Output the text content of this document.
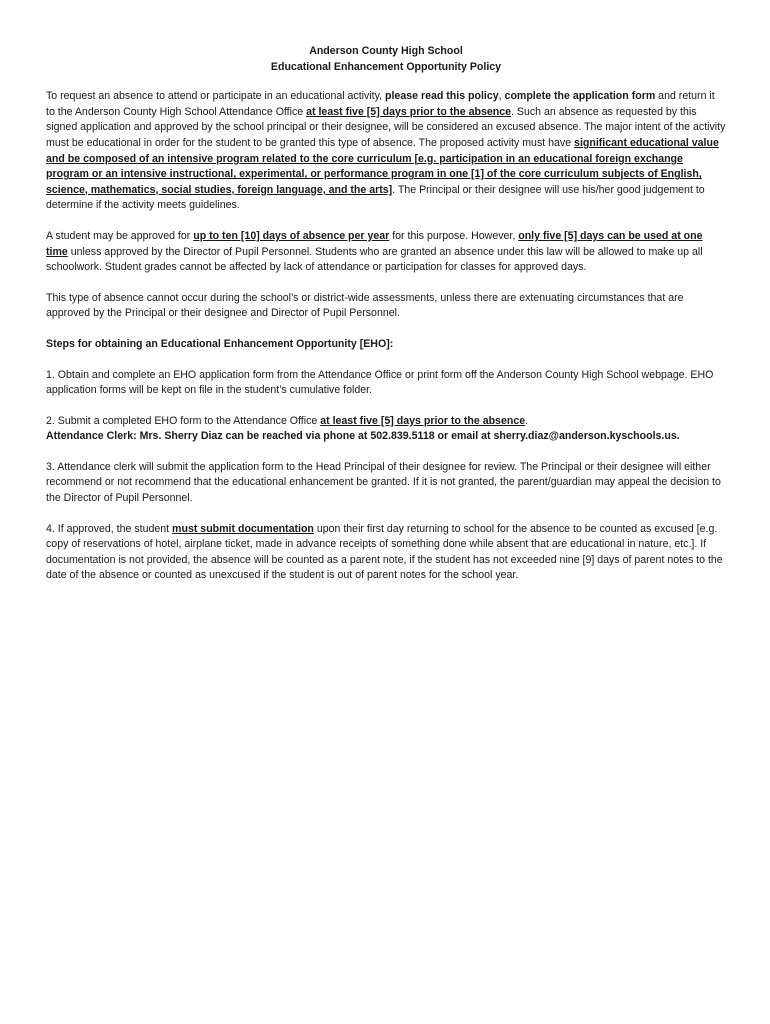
Anderson County High School
Educational Enhancement Opportunity Policy

To request an absence to attend or participate in an educational activity, please read this policy, complete the application form and return it to the Anderson County High School Attendance Office at least five [5] days prior to the absence. Such an absence as requested by this signed application and approved by the school principal or their designee, will be considered an excused absence. The major intent of the activity must be educational in order for the student to be granted this type of absence. The proposed activity must have significant educational value and be composed of an intensive program related to the core curriculum [e.g. participation in an educational foreign exchange program or an intensive instructional, experimental, or performance program in one [1] of the core curriculum subjects of English, science, mathematics, social studies, foreign language, and the arts]. The Principal or their designee will use his/her good judgement to determine if the activity meets guidelines.

A student may be approved for up to ten [10] days of absence per year for this purpose. However, only five [5] days can be used at one time unless approved by the Director of Pupil Personnel. Students who are granted an absence under this law will be allowed to make up all schoolwork. Student grades cannot be affected by lack of attendance or participation for classes for approved days.

This type of absence cannot occur during the school’s or district-wide assessments, unless there are extenuating circumstances that are approved by the Principal or their designee and Director of Pupil Personnel.

Steps for obtaining an Educational Enhancement Opportunity [EHO]:

1. Obtain and complete an EHO application form from the Attendance Office or print form off the Anderson County High School webpage. EHO application forms will be kept on file in the student’s cumulative folder.

2. Submit a completed EHO form to the Attendance Office at least five [5] days prior to the absence.
Attendance Clerk: Mrs. Sherry Diaz can be reached via phone at 502.839.5118 or email at sherry.diaz@anderson.kyschools.us.

3. Attendance clerk will submit the application form to the Head Principal of their designee for review. The Principal or their designee will either recommend or not recommend that the educational enhancement be granted. If it is not granted, the parent/guardian may appeal the decision to the Director of Pupil Personnel.

4. If approved, the student must submit documentation upon their first day returning to school for the absence to be counted as excused [e.g. copy of reservations of hotel, airplane ticket, made in advance receipts of something done while absent that are educational in nature, etc.]. If documentation is not provided, the absence will be counted as a parent note, if the student has not exceeded nine [9] days of parent notes to the date of the absence or counted as unexcused if the student is out of parent notes for the school year.
